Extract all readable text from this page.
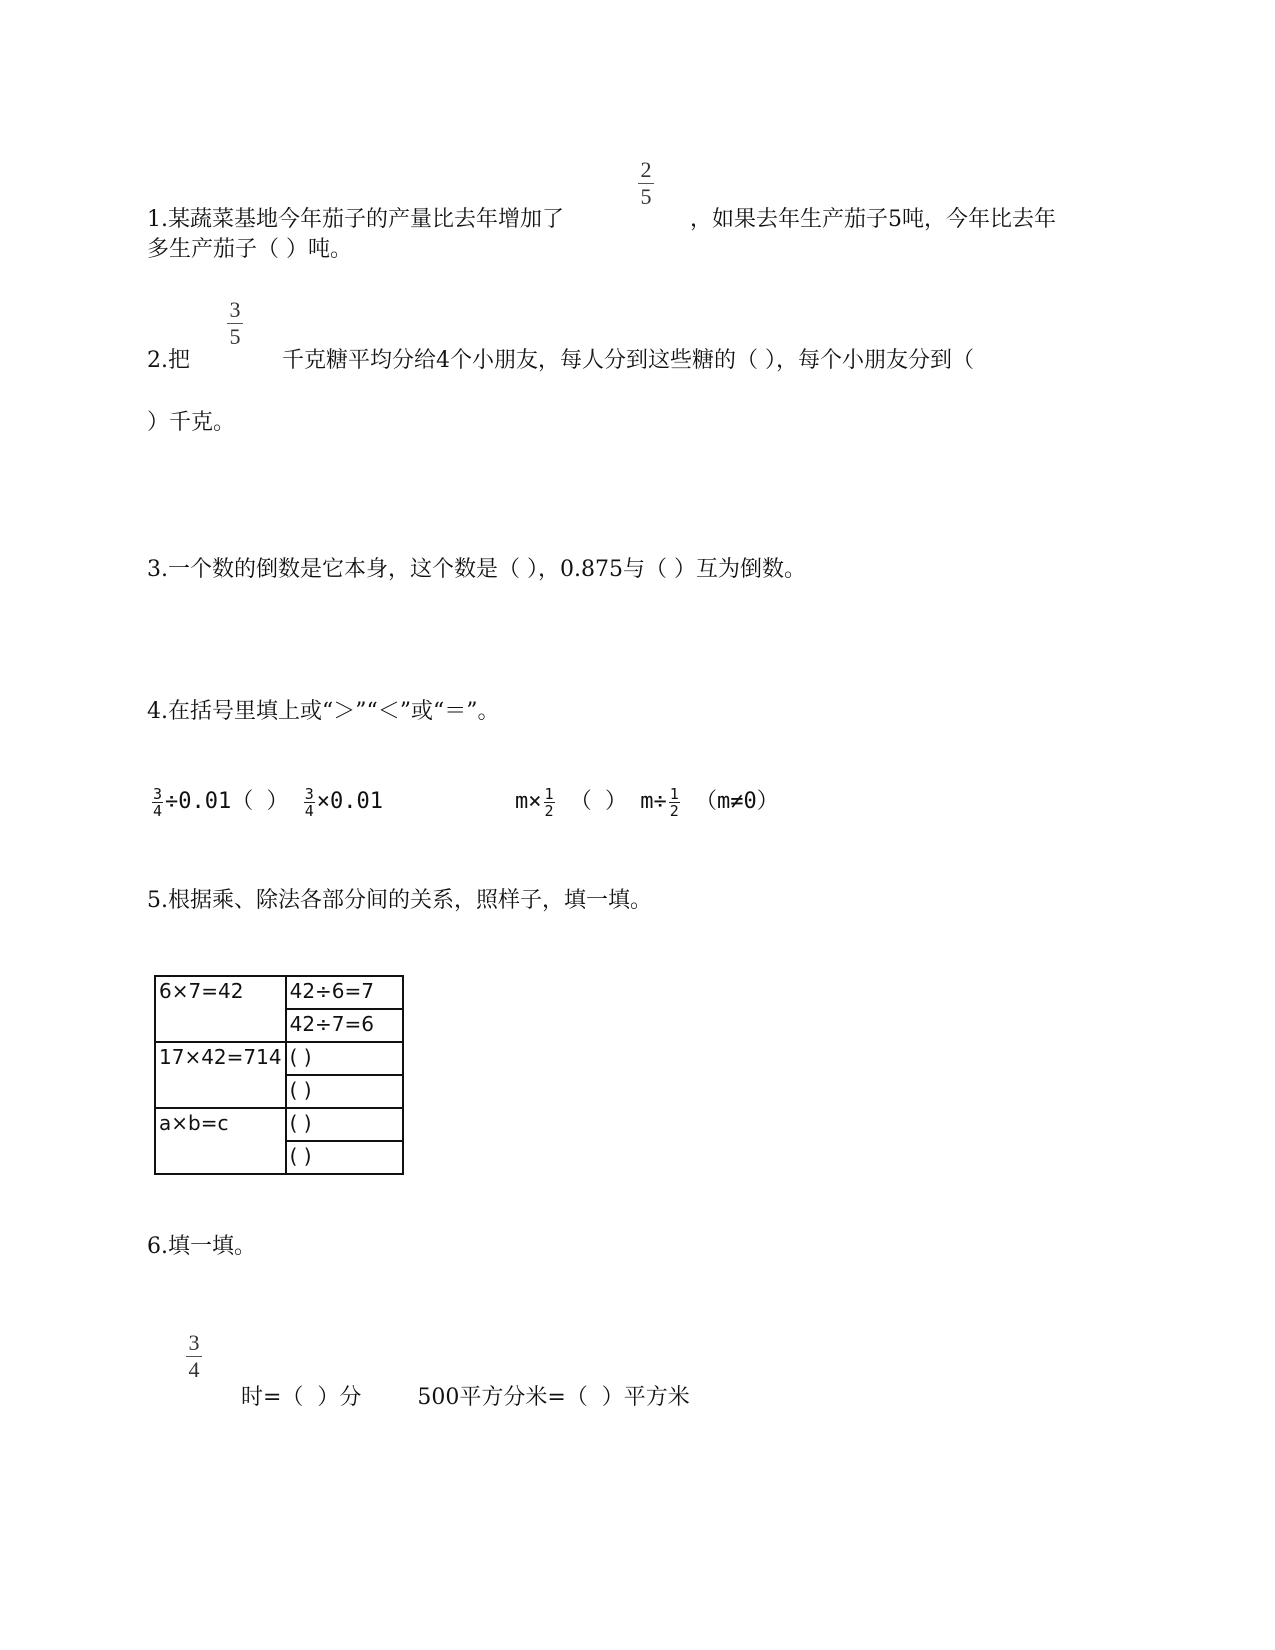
1.某蔬菜基地今年茄子的产量比去年增加了
2
5
，如果去年生产茄子5吨，今年比去年
多生产茄子（ ）吨。
2.把
3
5
千克糖平均分给4个小朋友，每人分到这些糖的（ ），每个小朋友分到（
）千克。
3.一个数的倒数是它本身，这个数是（ ），0.875与（ ）互为倒数。
4.在括号里填上或“＞”“＜”或“＝”。
$\frac{3}{4} \div 0.01$（ ） $\frac{3}{4} \times 0.01$	$m\times \frac{1}{2}$ （ ） $m\div \frac{1}{2} (m\ne 0)$
5.根据乘、除法各部分间的关系，照样子，填一填。
6×7=42	42÷6=7
	42÷7=6
17×42=714	( )
	( )
a×b=c	( )
	( )
6.填一填。
3
4
时=（  ）分        500平方分米=（  ）平方米
